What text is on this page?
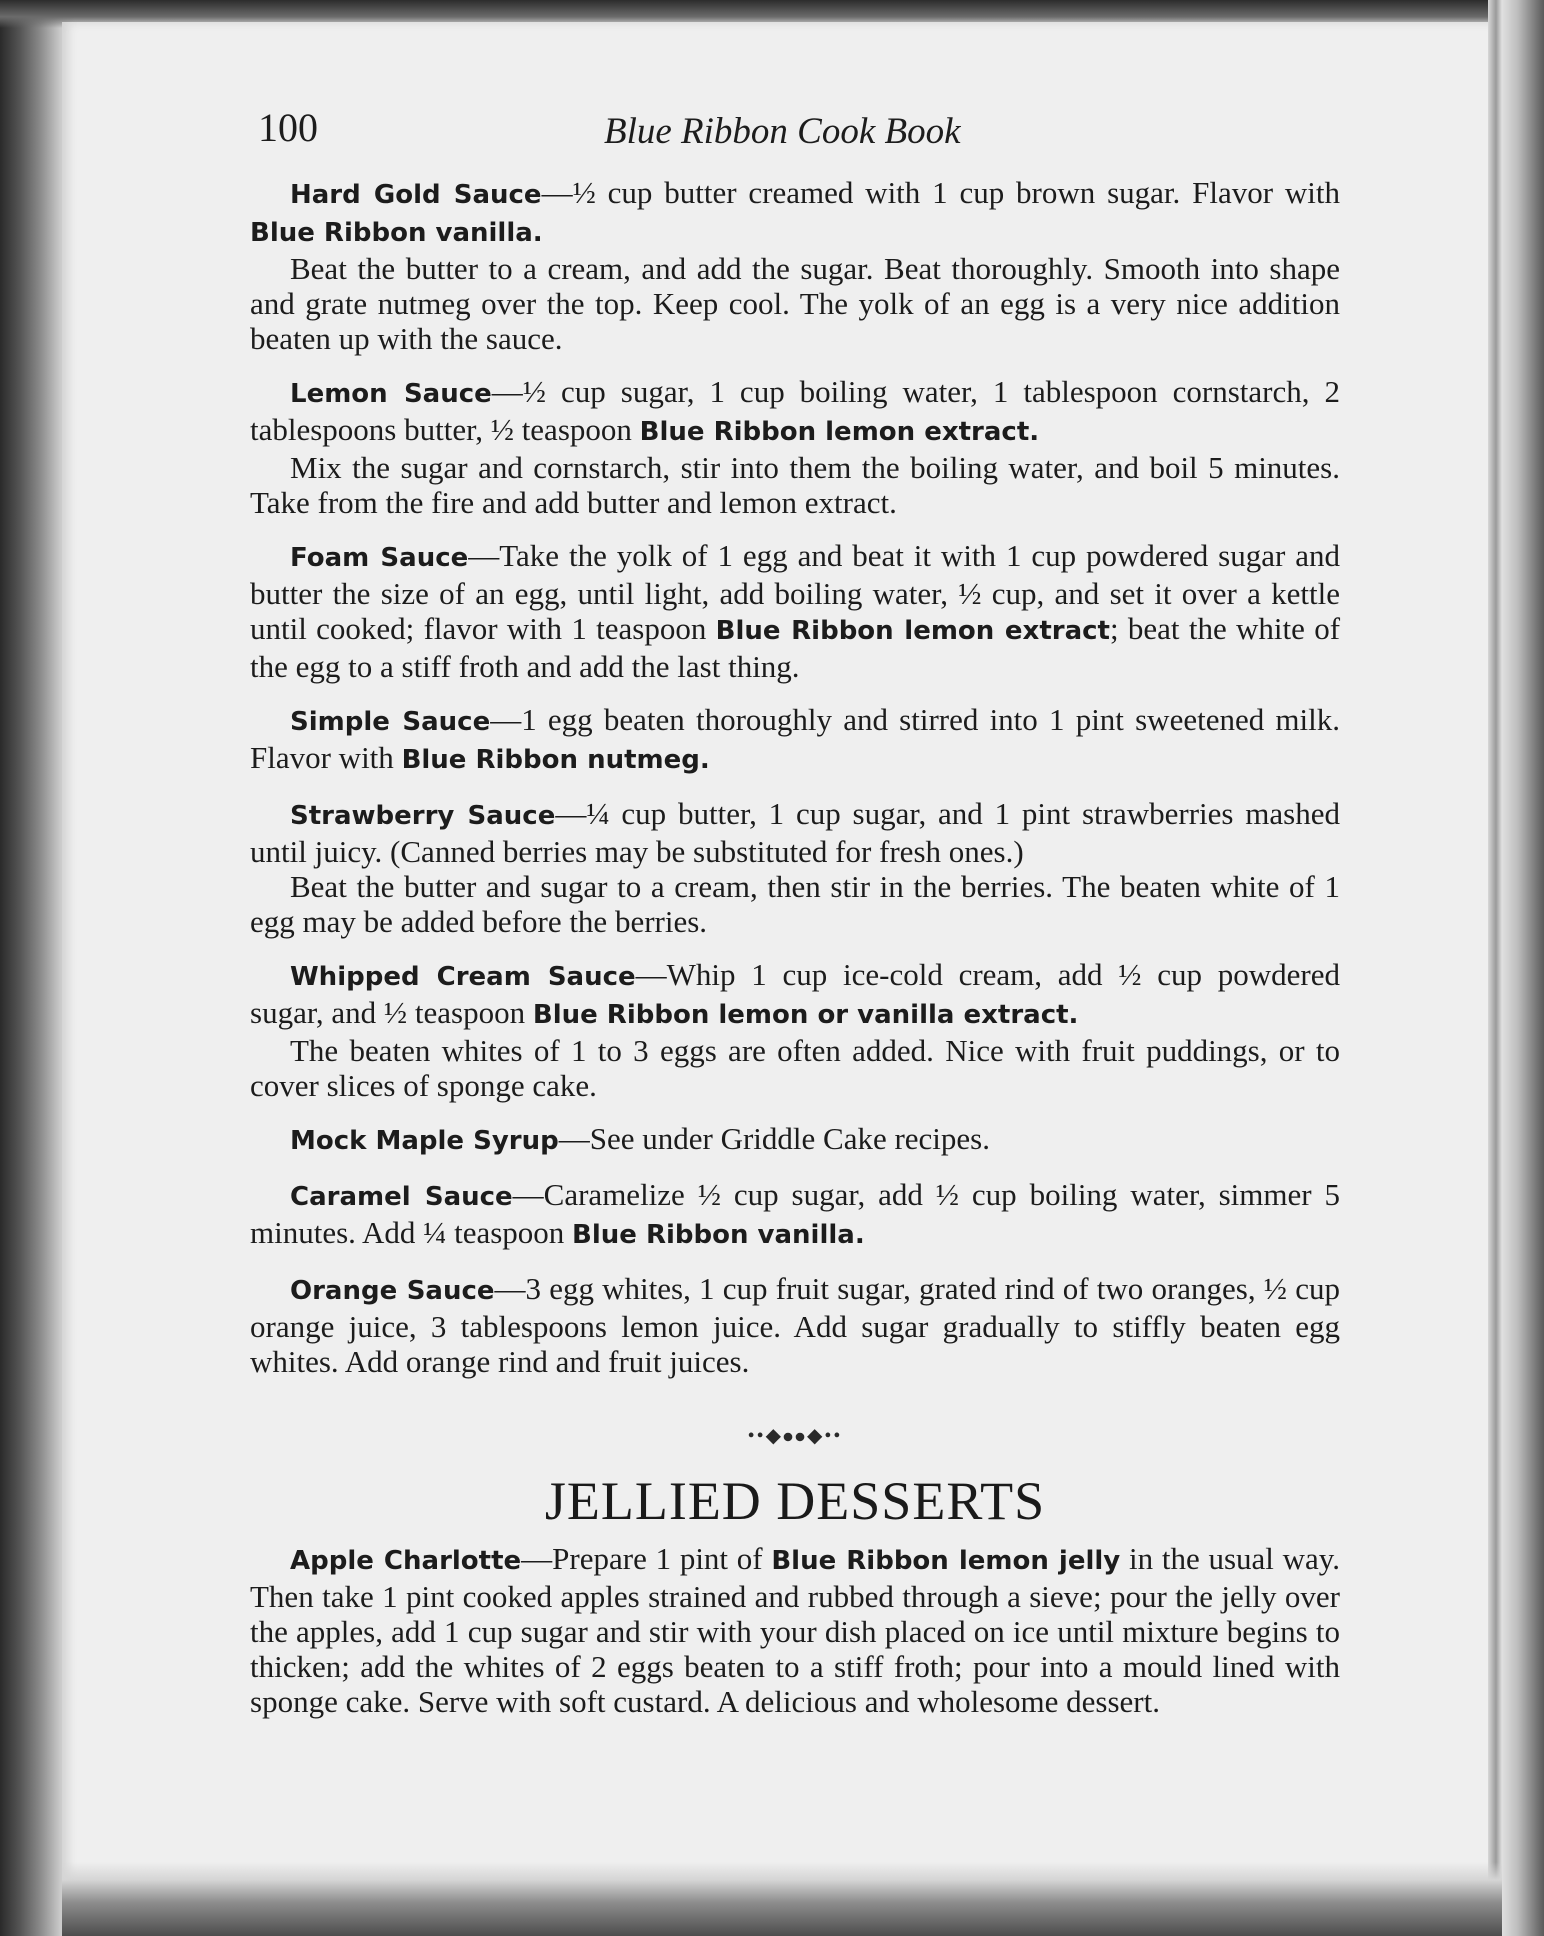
100	Blue Ribbon Cook Book

Hard Gold Sauce—½ cup butter creamed with 1 cup brown sugar. Flavor with Blue Ribbon vanilla.

Beat the butter to a cream, and add the sugar. Beat thoroughly. Smooth into shape and grate nutmeg over the top. Keep cool. The yolk of an egg is a very nice addition beaten up with the sauce.

Lemon Sauce—½ cup sugar, 1 cup boiling water, 1 tablespoon cornstarch, 2 tablespoons butter, ½ teaspoon Blue Ribbon lemon extract.

Mix the sugar and cornstarch, stir into them the boiling water, and boil 5 minutes. Take from the fire and add butter and lemon extract.

Foam Sauce—Take the yolk of 1 egg and beat it with 1 cup powdered sugar and butter the size of an egg, until light, add boiling water, ½ cup, and set it over a kettle until cooked; flavor with 1 teaspoon Blue Ribbon lemon extract; beat the white of the egg to a stiff froth and add the last thing.

Simple Sauce—1 egg beaten thoroughly and stirred into 1 pint sweetened milk. Flavor with Blue Ribbon nutmeg.

Strawberry Sauce—¼ cup butter, 1 cup sugar, and 1 pint strawberries mashed until juicy. (Canned berries may be substituted for fresh ones.)

Beat the butter and sugar to a cream, then stir in the berries. The beaten white of 1 egg may be added before the berries.

Whipped Cream Sauce—Whip 1 cup ice-cold cream, add ½ cup powdered sugar, and ½ teaspoon Blue Ribbon lemon or vanilla extract.

The beaten whites of 1 to 3 eggs are often added. Nice with fruit puddings, or to cover slices of sponge cake.

Mock Maple Syrup—See under Griddle Cake recipes.

Caramel Sauce—Caramelize ½ cup sugar, add ½ cup boiling water, simmer 5 minutes. Add ¼ teaspoon Blue Ribbon vanilla.

Orange Sauce—3 egg whites, 1 cup fruit sugar, grated rind of two oranges, ½ cup orange juice, 3 tablespoons lemon juice. Add sugar gradually to stiffly beaten egg whites. Add orange rind and fruit juices.

••◆⦁⦁◆••
JELLIED DESSERTS

Apple Charlotte—Prepare 1 pint of Blue Ribbon lemon jelly in the usual way. Then take 1 pint cooked apples strained and rubbed through a sieve; pour the jelly over the apples, add 1 cup sugar and stir with your dish placed on ice until mixture begins to thicken; add the whites of 2 eggs beaten to a stiff froth; pour into a mould lined with sponge cake. Serve with soft custard. A delicious and wholesome dessert.
